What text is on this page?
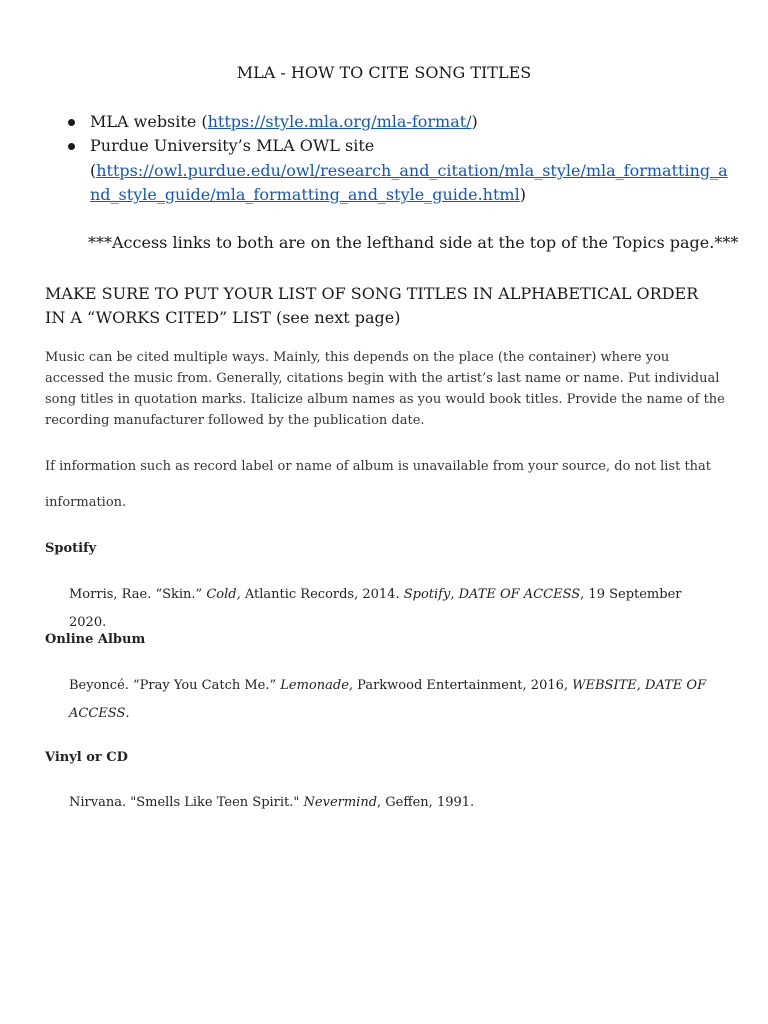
MLA - HOW TO CITE SONG TITLES
MLA website (https://style.mla.org/mla-format/)
Purdue University’s MLA OWL site
(https://owl.purdue.edu/owl/research_and_citation/mla_style/mla_formatting_and_style_guide/mla_formatting_and_style_guide.html)
***Access links to both are on the lefthand side at the top of the Topics page.***
MAKE SURE TO PUT YOUR LIST OF SONG TITLES IN ALPHABETICAL ORDER IN A “WORKS CITED” LIST (see next page)
Music can be cited multiple ways. Mainly, this depends on the place (the container) where you accessed the music from. Generally, citations begin with the artist’s last name or name. Put individual song titles in quotation marks. Italicize album names as you would book titles. Provide the name of the recording manufacturer followed by the publication date.
If information such as record label or name of album is unavailable from your source, do not list that information.
Spotify
Morris, Rae. “Skin.” Cold, Atlantic Records, 2014. Spotify, DATE OF ACCESS, 19 September 2020.
Online Album
Beyoncé. “Pray You Catch Me.” Lemonade, Parkwood Entertainment, 2016, WEBSITE, DATE OF ACCESS.
Vinyl or CD
Nirvana. "Smells Like Teen Spirit." Nevermind, Geffen, 1991.
